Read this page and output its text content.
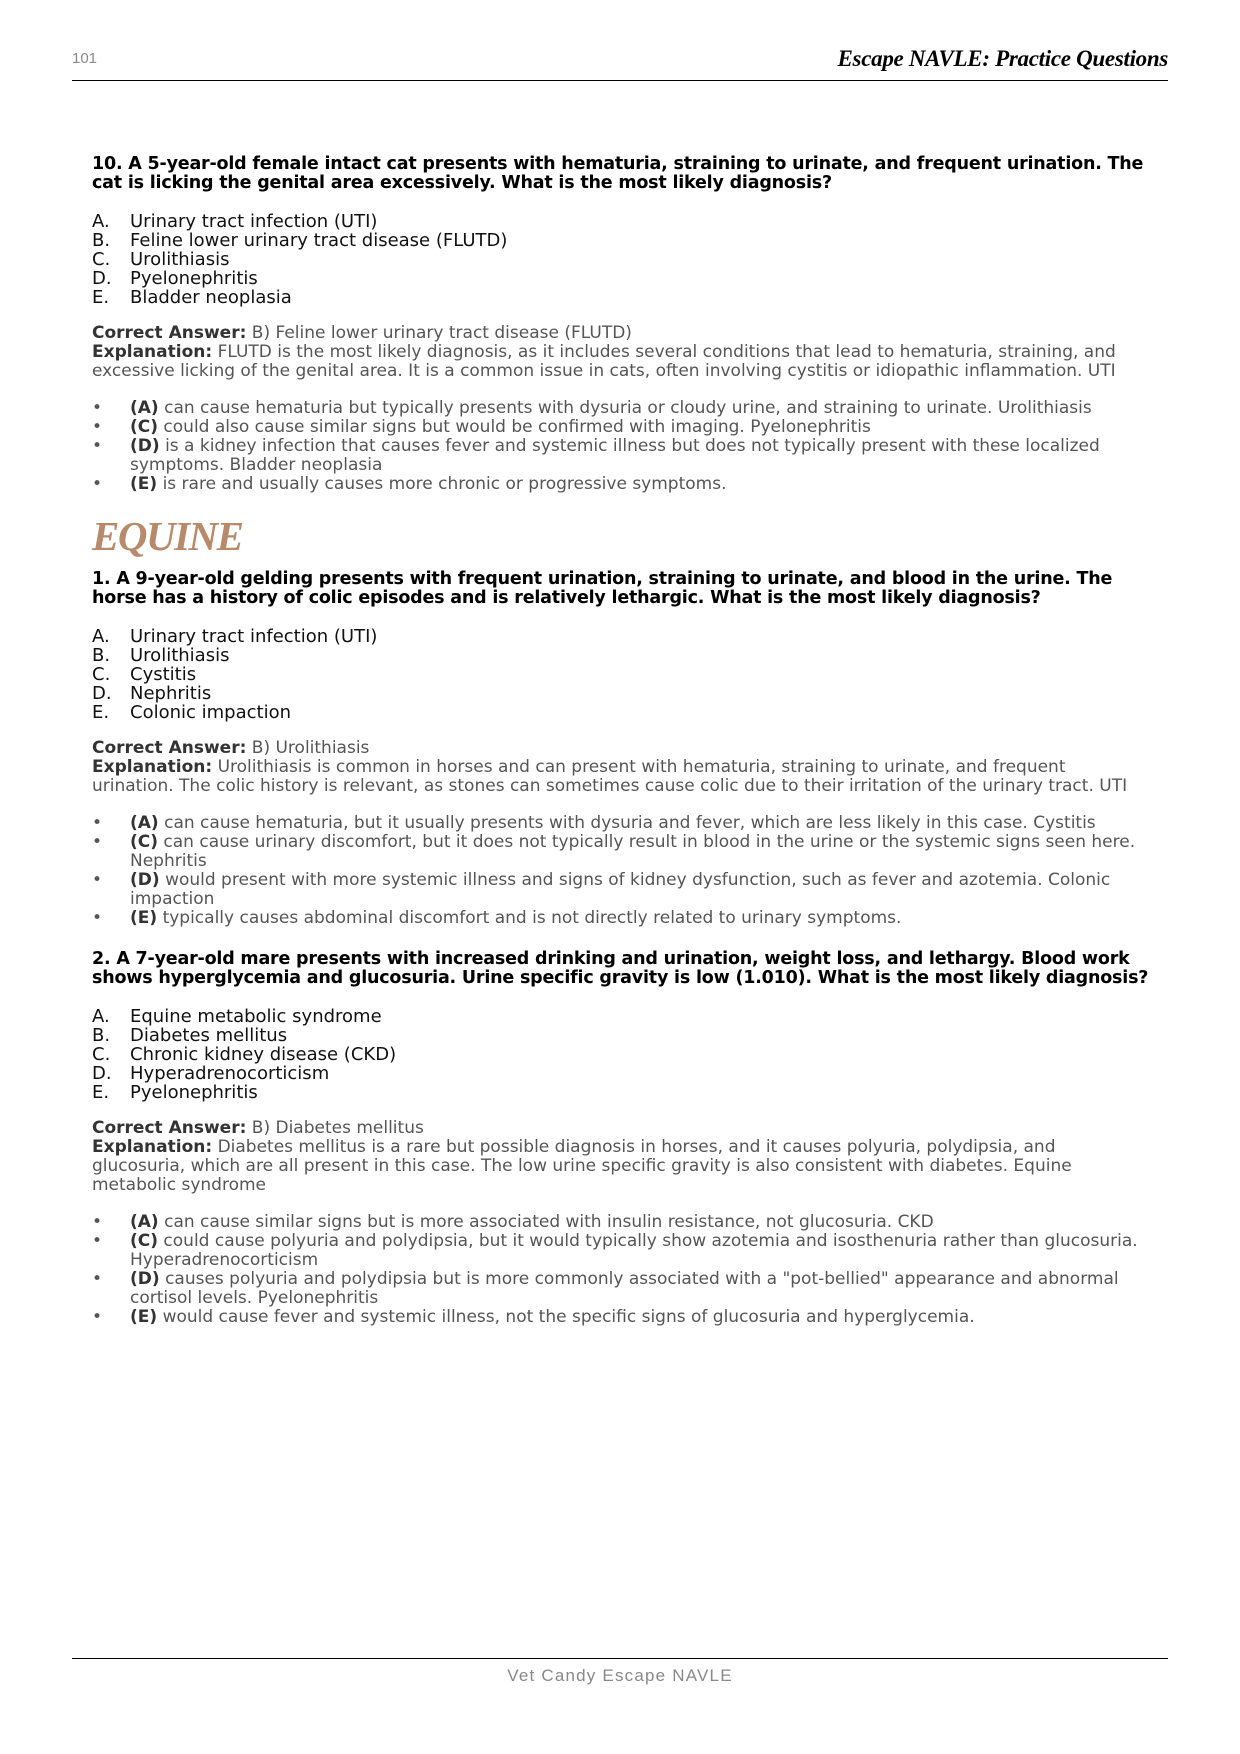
101	Escape NAVLE: Practice Questions

10. A 5-year-old female intact cat presents with hematuria, straining to urinate, and frequent urination. The cat is licking the genital area excessively. What is the most likely diagnosis?

A. Urinary tract infection (UTI)
B. Feline lower urinary tract disease (FLUTD)
C. Urolithiasis
D. Pyelonephritis
E. Bladder neoplasia
Correct Answer: B) Feline lower urinary tract disease (FLUTD)
Explanation: FLUTD is the most likely diagnosis, as it includes several conditions that lead to hematuria, straining, and excessive licking of the genital area. It is a common issue in cats, often involving cystitis or idiopathic inflammation. UTI
• (A) can cause hematuria but typically presents with dysuria or cloudy urine, and straining to urinate. Urolithiasis
• (C) could also cause similar signs but would be confirmed with imaging. Pyelonephritis
• (D) is a kidney infection that causes fever and systemic illness but does not typically present with these localized symptoms. Bladder neoplasia
• (E) is rare and usually causes more chronic or progressive symptoms.
EQUINE

1. A 9-year-old gelding presents with frequent urination, straining to urinate, and blood in the urine. The horse has a history of colic episodes and is relatively lethargic. What is the most likely diagnosis?

A. Urinary tract infection (UTI)
B. Urolithiasis
C. Cystitis
D. Nephritis
E. Colonic impaction
Correct Answer: B) Urolithiasis
Explanation: Urolithiasis is common in horses and can present with hematuria, straining to urinate, and frequent urination. The colic history is relevant, as stones can sometimes cause colic due to their irritation of the urinary tract. UTI
• (A) can cause hematuria, but it usually presents with dysuria and fever, which are less likely in this case. Cystitis
• (C) can cause urinary discomfort, but it does not typically result in blood in the urine or the systemic signs seen here. Nephritis
• (D) would present with more systemic illness and signs of kidney dysfunction, such as fever and azotemia. Colonic impaction
• (E) typically causes abdominal discomfort and is not directly related to urinary symptoms.

2. A 7-year-old mare presents with increased drinking and urination, weight loss, and lethargy. Blood work shows hyperglycemia and glucosuria. Urine specific gravity is low (1.010). What is the most likely diagnosis?

A. Equine metabolic syndrome
B. Diabetes mellitus
C. Chronic kidney disease (CKD)
D. Hyperadrenocorticism
E. Pyelonephritis
Correct Answer: B) Diabetes mellitus
Explanation: Diabetes mellitus is a rare but possible diagnosis in horses, and it causes polyuria, polydipsia, and glucosuria, which are all present in this case. The low urine specific gravity is also consistent with diabetes. Equine metabolic syndrome
• (A) can cause similar signs but is more associated with insulin resistance, not glucosuria. CKD
• (C) could cause polyuria and polydipsia, but it would typically show azotemia and isosthenuria rather than glucosuria. Hyperadrenocorticism
• (D) causes polyuria and polydipsia but is more commonly associated with a "pot-bellied" appearance and abnormal cortisol levels. Pyelonephritis
• (E) would cause fever and systemic illness, not the specific signs of glucosuria and hyperglycemia.
Vet Candy Escape NAVLE
